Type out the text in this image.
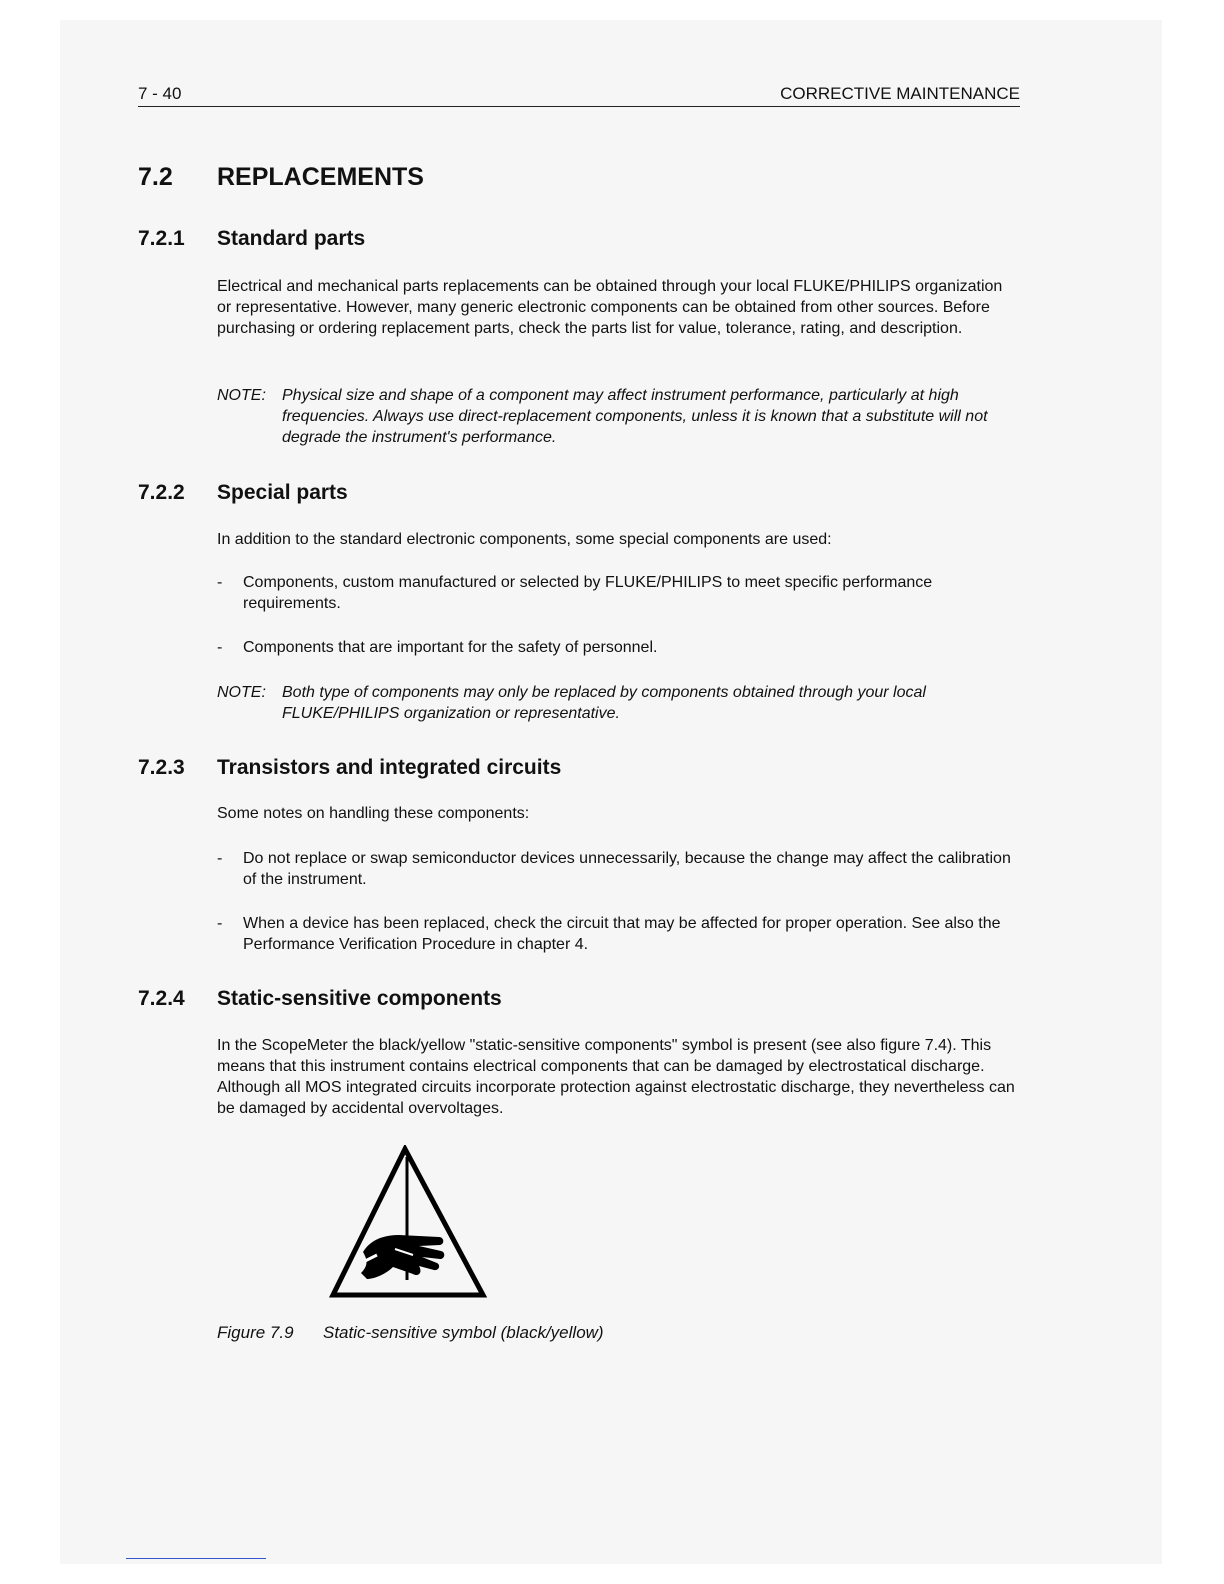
7 - 40	CORRECTIVE MAINTENANCE
7.2 REPLACEMENTS
7.2.1 Standard parts
Electrical and mechanical parts replacements can be obtained through your local FLUKE/PHILIPS organization or representative. However, many generic electronic components can be obtained from other sources. Before purchasing or ordering replacement parts, check the parts list for value, tolerance, rating, and description.
NOTE: Physical size and shape of a component may affect instrument performance, particularly at high frequencies. Always use direct-replacement components, unless it is known that a substitute will not degrade the instrument's performance.
7.2.2 Special parts
In addition to the standard electronic components, some special components are used:
- Components, custom manufactured or selected by FLUKE/PHILIPS to meet specific performance requirements.
- Components that are important for the safety of personnel.
NOTE: Both type of components may only be replaced by components obtained through your local FLUKE/PHILIPS organization or representative.
7.2.3 Transistors and integrated circuits
Some notes on handling these components:
- Do not replace or swap semiconductor devices unnecessarily, because the change may affect the calibration of the instrument.
- When a device has been replaced, check the circuit that may be affected for proper operation. See also the Performance Verification Procedure in chapter 4.
7.2.4 Static-sensitive components
In the ScopeMeter the black/yellow "static-sensitive components" symbol is present (see also figure 7.4). This means that this instrument contains electrical components that can be damaged by electrostatical discharge. Although all MOS integrated circuits incorporate protection against electrostatic discharge, they nevertheless can be damaged by accidental overvoltages.
Figure 7.9 Static-sensitive symbol (black/yellow)
